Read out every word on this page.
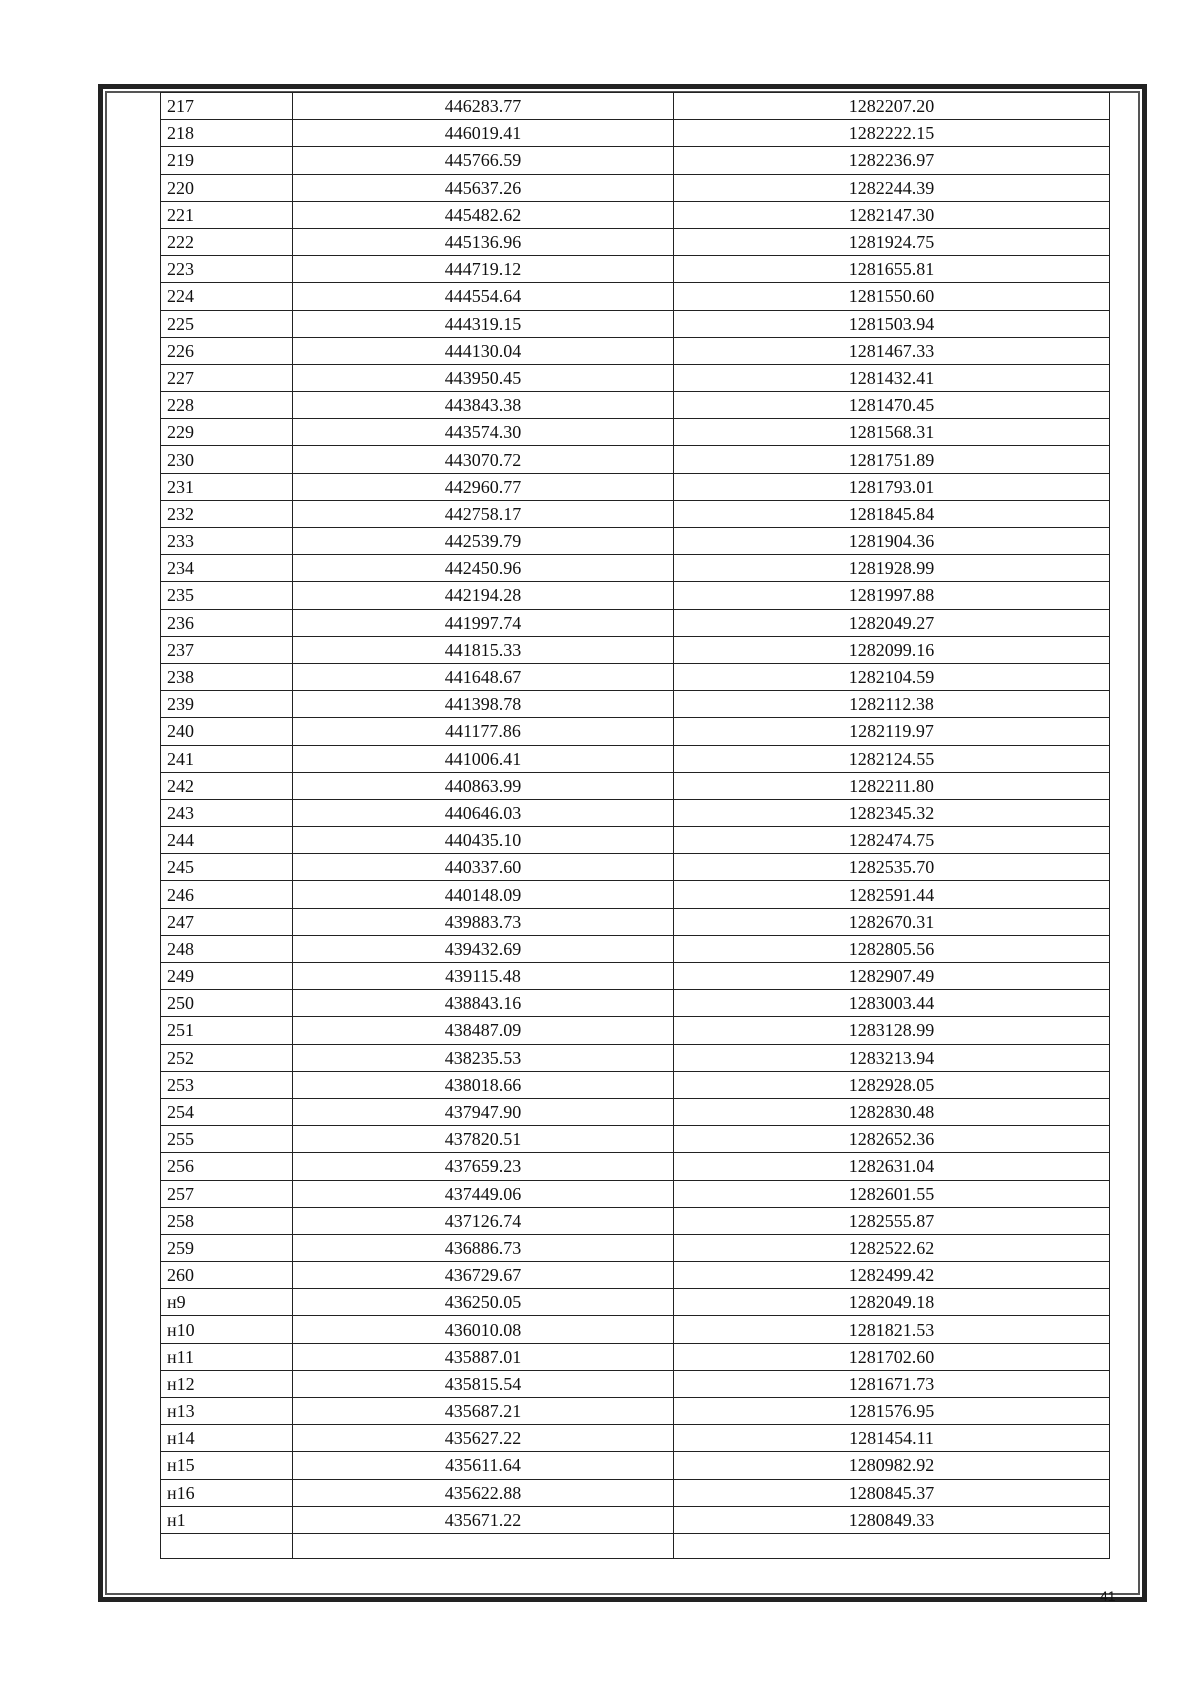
217	446283.77	1282207.20
218	446019.41	1282222.15
219	445766.59	1282236.97
220	445637.26	1282244.39
221	445482.62	1282147.30
222	445136.96	1281924.75
223	444719.12	1281655.81
224	444554.64	1281550.60
225	444319.15	1281503.94
226	444130.04	1281467.33
227	443950.45	1281432.41
228	443843.38	1281470.45
229	443574.30	1281568.31
230	443070.72	1281751.89
231	442960.77	1281793.01
232	442758.17	1281845.84
233	442539.79	1281904.36
234	442450.96	1281928.99
235	442194.28	1281997.88
236	441997.74	1282049.27
237	441815.33	1282099.16
238	441648.67	1282104.59
239	441398.78	1282112.38
240	441177.86	1282119.97
241	441006.41	1282124.55
242	440863.99	1282211.80
243	440646.03	1282345.32
244	440435.10	1282474.75
245	440337.60	1282535.70
246	440148.09	1282591.44
247	439883.73	1282670.31
248	439432.69	1282805.56
249	439115.48	1282907.49
250	438843.16	1283003.44
251	438487.09	1283128.99
252	438235.53	1283213.94
253	438018.66	1282928.05
254	437947.90	1282830.48
255	437820.51	1282652.36
256	437659.23	1282631.04
257	437449.06	1282601.55
258	437126.74	1282555.87
259	436886.73	1282522.62
260	436729.67	1282499.42
н9	436250.05	1282049.18
н10	436010.08	1281821.53
н11	435887.01	1281702.60
н12	435815.54	1281671.73
н13	435687.21	1281576.95
н14	435627.22	1281454.11
н15	435611.64	1280982.92
н16	435622.88	1280845.37
н1	435671.22	1280849.33

41
